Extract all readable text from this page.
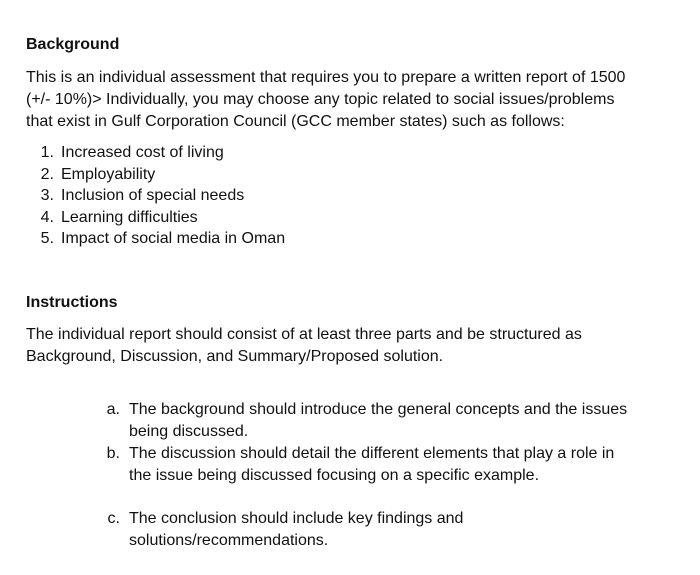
Background

This is an individual assessment that requires you to prepare a written report of 1500
(+/- 10%)> Individually, you may choose any topic related to social issues/problems
that exist in Gulf Corporation Council (GCC member states) such as follows:

1. Increased cost of living
2. Employability
3. Inclusion of special needs
4. Learning difficulties
5. Impact of social media in Oman
Instructions

The individual report should consist of at least three parts and be structured as
Background, Discussion, and Summary/Proposed solution.

a. The background should introduce the general concepts and the issues
being discussed.
b. The discussion should detail the different elements that play a role in
the issue being discussed focusing on a specific example.
c. The conclusion should include key findings and
solutions/recommendations.
